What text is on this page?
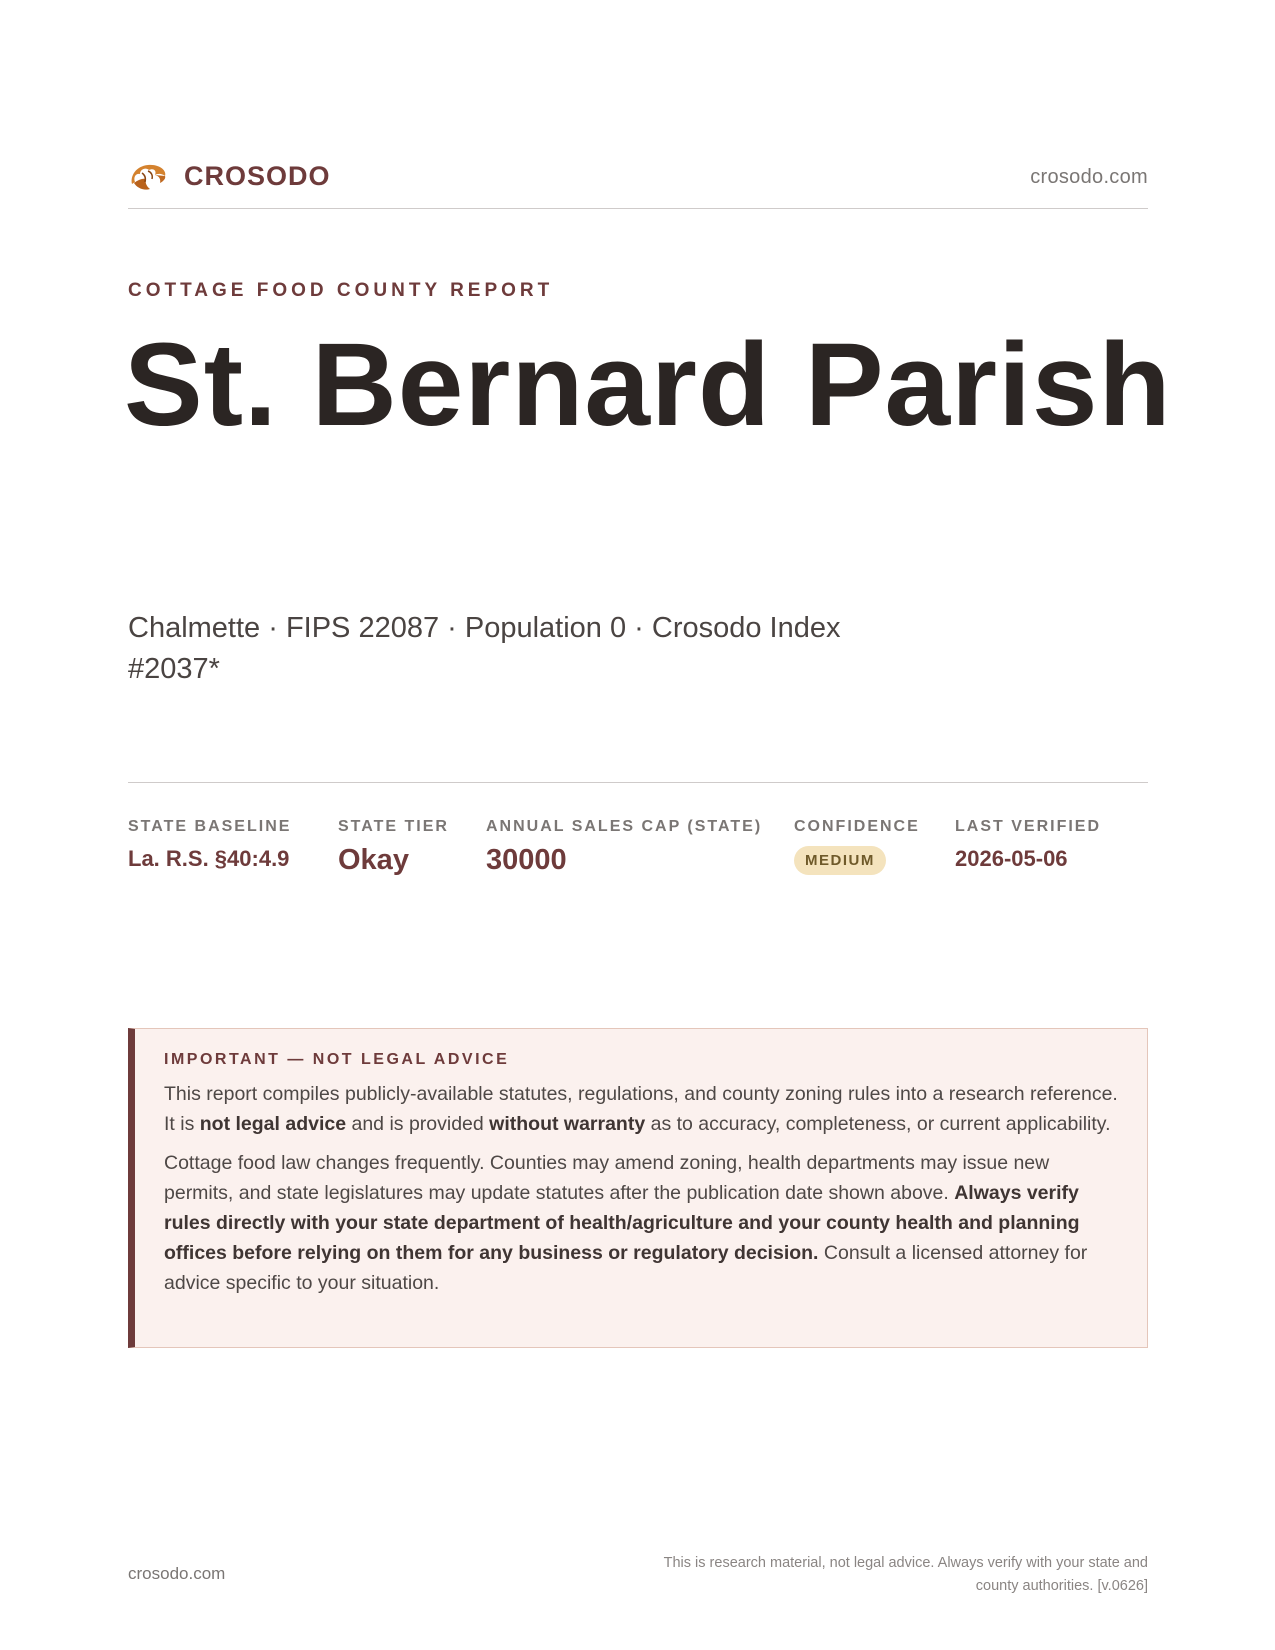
CROSODO	crosodo.com
COTTAGE FOOD COUNTY REPORT
St. Bernard Parish
Chalmette · FIPS 22087 · Population 0 · Crosodo Index #2037*
STATE BASELINE
La. R.S. §40:4.9
STATE TIER
Okay
ANNUAL SALES CAP (STATE)
30000
CONFIDENCE
MEDIUM
LAST VERIFIED
2026-05-06
IMPORTANT — NOT LEGAL ADVICE

This report compiles publicly-available statutes, regulations, and county zoning rules into a research reference. It is not legal advice and is provided without warranty as to accuracy, completeness, or current applicability.

Cottage food law changes frequently. Counties may amend zoning, health departments may issue new permits, and state legislatures may update statutes after the publication date shown above. Always verify rules directly with your state department of health/agriculture and your county health and planning offices before relying on them for any business or regulatory decision. Consult a licensed attorney for advice specific to your situation.

crosodo.com
This is research material, not legal advice. Always verify with your state and county authorities. [v.0626]
